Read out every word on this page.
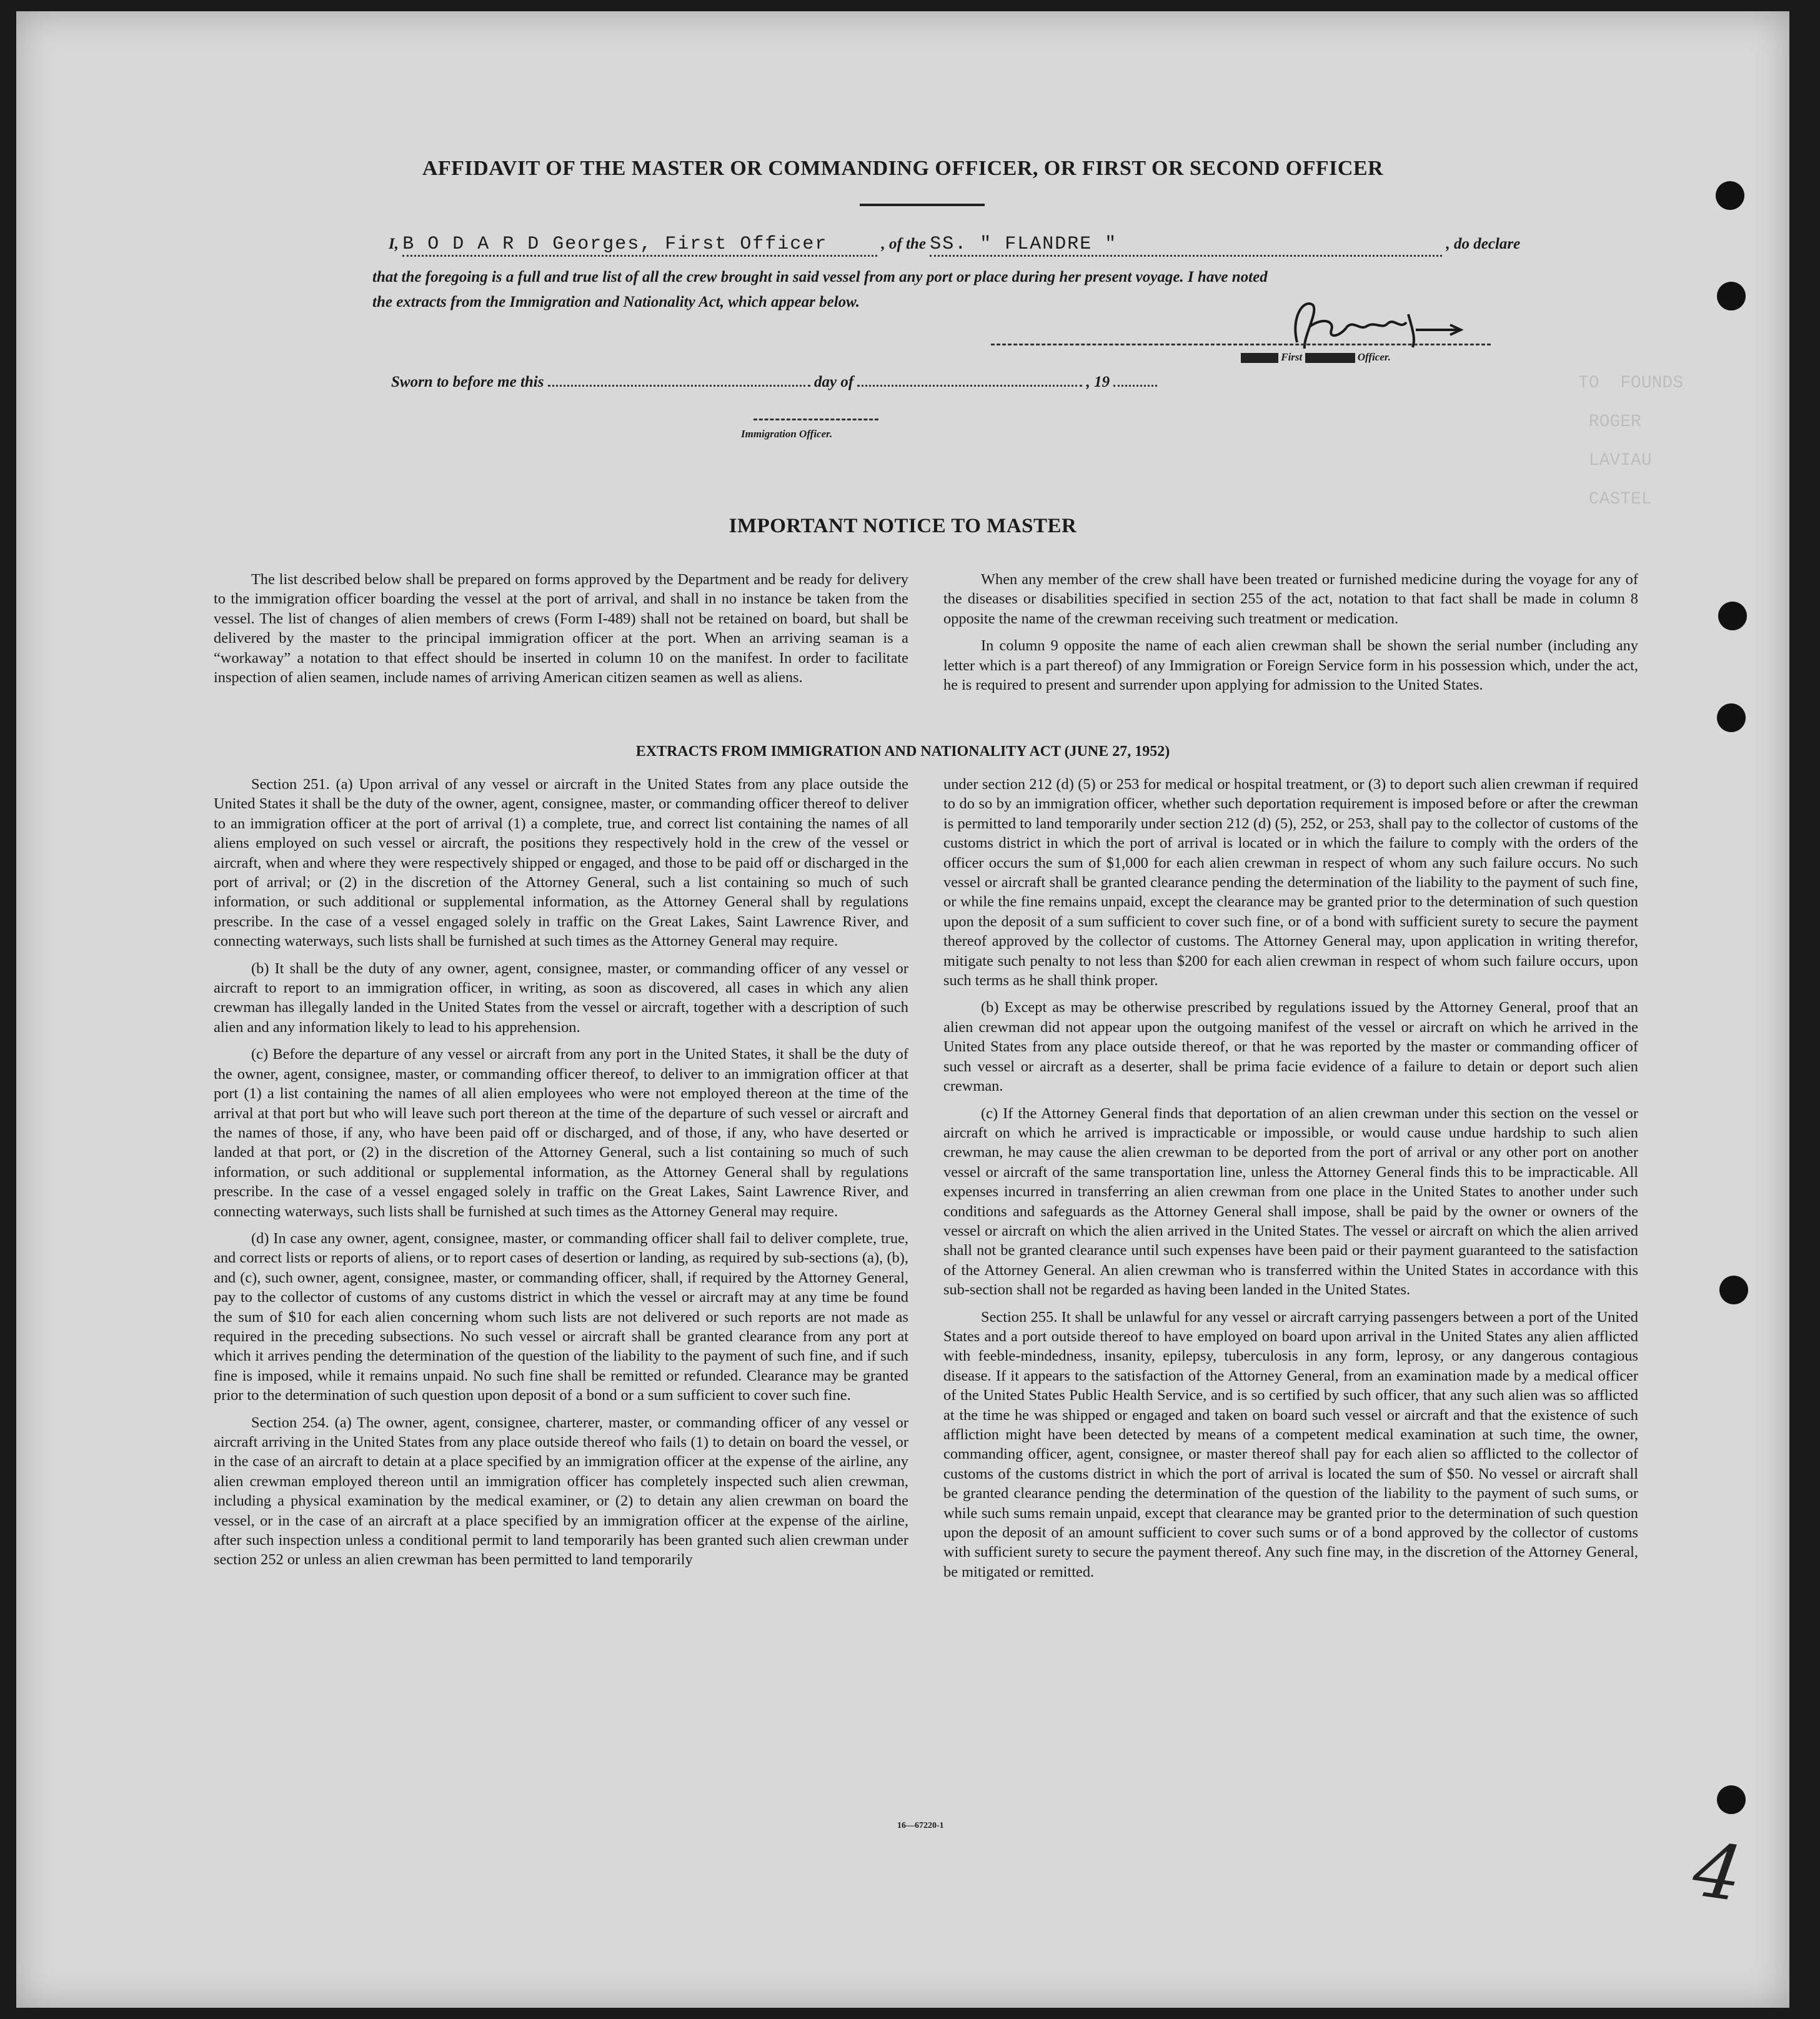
TO  FOUNDS

ROGER

LAVIAU

CASTEL
AFFIDAVIT OF THE MASTER OR COMMANDING OFFICER, OR FIRST OR SECOND OFFICER
I, B O D A R D Georges, First Officer	, of the SS. " FLANDRE "	, do declare
that the foregoing is a full and true list of all the crew brought in said vessel from any port or place during her present voyage. I have noted
the extracts from the Immigration and Nationality Act, which appear below.
First	Officer.
Sworn to before me this	day of	, 19
Immigration Officer.
IMPORTANT NOTICE TO MASTER

The list described below shall be prepared on forms approved by the Department and be ready for delivery to the immigration officer boarding the vessel at the port of arrival, and shall in no instance be taken from the vessel. The list of changes of alien members of crews (Form I-489) shall not be retained on board, but shall be delivered by the master to the principal immigration officer at the port. When an arriving seaman is a “workaway” a notation to that effect should be inserted in column 10 on the manifest. In order to facilitate inspection of alien seamen, include names of arriving American citizen seamen as well as aliens.

When any member of the crew shall have been treated or furnished medicine during the voyage for any of the diseases or disabilities specified in section 255 of the act, notation to that fact shall be made in column 8 opposite the name of the crewman receiving such treatment or medication.

In column 9 opposite the name of each alien crewman shall be shown the serial number (including any letter which is a part thereof) of any Immigration or Foreign Service form in his possession which, under the act, he is required to present and surrender upon applying for admission to the United States.

EXTRACTS FROM IMMIGRATION AND NATIONALITY ACT (JUNE 27, 1952)

Section 251. (a) Upon arrival of any vessel or aircraft in the United States from any place outside the United States it shall be the duty of the owner, agent, consignee, master, or commanding officer thereof to deliver to an immigration officer at the port of arrival (1) a complete, true, and correct list containing the names of all aliens employed on such vessel or aircraft, the positions they respectively hold in the crew of the vessel or aircraft, when and where they were respectively shipped or engaged, and those to be paid off or discharged in the port of arrival; or (2) in the discretion of the Attorney General, such a list containing so much of such information, or such additional or supplemental information, as the Attorney General shall by regulations prescribe. In the case of a vessel engaged solely in traffic on the Great Lakes, Saint Lawrence River, and connecting waterways, such lists shall be furnished at such times as the Attorney General may require.

(b) It shall be the duty of any owner, agent, consignee, master, or commanding officer of any vessel or aircraft to report to an immigration officer, in writing, as soon as discovered, all cases in which any alien crewman has illegally landed in the United States from the vessel or aircraft, together with a description of such alien and any information likely to lead to his apprehension.

(c) Before the departure of any vessel or aircraft from any port in the United States, it shall be the duty of the owner, agent, consignee, master, or commanding officer thereof, to deliver to an immigration officer at that port (1) a list containing the names of all alien employees who were not employed thereon at the time of the arrival at that port but who will leave such port thereon at the time of the departure of such vessel or aircraft and the names of those, if any, who have been paid off or discharged, and of those, if any, who have deserted or landed at that port, or (2) in the discretion of the Attorney General, such a list containing so much of such information, or such additional or supplemental information, as the Attorney General shall by regulations prescribe. In the case of a vessel engaged solely in traffic on the Great Lakes, Saint Lawrence River, and connecting waterways, such lists shall be furnished at such times as the Attorney General may require.

(d) In case any owner, agent, consignee, master, or commanding officer shall fail to deliver complete, true, and correct lists or reports of aliens, or to report cases of desertion or landing, as required by sub-sections (a), (b), and (c), such owner, agent, consignee, master, or commanding officer, shall, if required by the Attorney General, pay to the collector of customs of any customs district in which the vessel or aircraft may at any time be found the sum of $10 for each alien concerning whom such lists are not delivered or such reports are not made as required in the preceding subsections. No such vessel or aircraft shall be granted clearance from any port at which it arrives pending the determination of the question of the liability to the payment of such fine, and if such fine is imposed, while it remains unpaid. No such fine shall be remitted or refunded. Clearance may be granted prior to the determination of such question upon deposit of a bond or a sum sufficient to cover such fine.

Section 254. (a) The owner, agent, consignee, charterer, master, or commanding officer of any vessel or aircraft arriving in the United States from any place outside thereof who fails (1) to detain on board the vessel, or in the case of an aircraft to detain at a place specified by an immigration officer at the expense of the airline, any alien crewman employed thereon until an immigration officer has completely inspected such alien crewman, including a physical examination by the medical examiner, or (2) to detain any alien crewman on board the vessel, or in the case of an aircraft at a place specified by an immigration officer at the expense of the airline, after such inspection unless a conditional permit to land temporarily has been granted such alien crewman under section 252 or unless an alien crewman has been permitted to land temporarily

under section 212 (d) (5) or 253 for medical or hospital treatment, or (3) to deport such alien crewman if required to do so by an immigration officer, whether such deportation requirement is imposed before or after the crewman is permitted to land temporarily under section 212 (d) (5), 252, or 253, shall pay to the collector of customs of the customs district in which the port of arrival is located or in which the failure to comply with the orders of the officer occurs the sum of $1,000 for each alien crewman in respect of whom any such failure occurs. No such vessel or aircraft shall be granted clearance pending the determination of the liability to the payment of such fine, or while the fine remains unpaid, except the clearance may be granted prior to the determination of such question upon the deposit of a sum sufficient to cover such fine, or of a bond with sufficient surety to secure the payment thereof approved by the collector of customs. The Attorney General may, upon application in writing therefor, mitigate such penalty to not less than $200 for each alien crewman in respect of whom such failure occurs, upon such terms as he shall think proper.

(b) Except as may be otherwise prescribed by regulations issued by the Attorney General, proof that an alien crewman did not appear upon the outgoing manifest of the vessel or aircraft on which he arrived in the United States from any place outside thereof, or that he was reported by the master or commanding officer of such vessel or aircraft as a deserter, shall be prima facie evidence of a failure to detain or deport such alien crewman.

(c) If the Attorney General finds that deportation of an alien crewman under this section on the vessel or aircraft on which he arrived is impracticable or impossible, or would cause undue hardship to such alien crewman, he may cause the alien crewman to be deported from the port of arrival or any other port on another vessel or aircraft of the same transportation line, unless the Attorney General finds this to be impracticable. All expenses incurred in transferring an alien crewman from one place in the United States to another under such conditions and safeguards as the Attorney General shall impose, shall be paid by the owner or owners of the vessel or aircraft on which the alien arrived in the United States. The vessel or aircraft on which the alien arrived shall not be granted clearance until such expenses have been paid or their payment guaranteed to the satisfaction of the Attorney General. An alien crewman who is transferred within the United States in accordance with this sub-section shall not be regarded as having been landed in the United States.

Section 255. It shall be unlawful for any vessel or aircraft carrying passengers between a port of the United States and a port outside thereof to have employed on board upon arrival in the United States any alien afflicted with feeble-mindedness, insanity, epilepsy, tuberculosis in any form, leprosy, or any dangerous contagious disease. If it appears to the satisfaction of the Attorney General, from an examination made by a medical officer of the United States Public Health Service, and is so certified by such officer, that any such alien was so afflicted at the time he was shipped or engaged and taken on board such vessel or aircraft and that the existence of such affliction might have been detected by means of a competent medical examination at such time, the owner, commanding officer, agent, consignee, or master thereof shall pay for each alien so afflicted to the collector of customs of the customs district in which the port of arrival is located the sum of $50. No vessel or aircraft shall be granted clearance pending the determination of the question of the liability to the payment of such sums, or while such sums remain unpaid, except that clearance may be granted prior to the determination of such question upon the deposit of an amount sufficient to cover such sums or of a bond approved by the collector of customs with sufficient surety to secure the payment thereof. Any such fine may, in the discretion of the Attorney General, be mitigated or remitted.

16—67220-1
4
